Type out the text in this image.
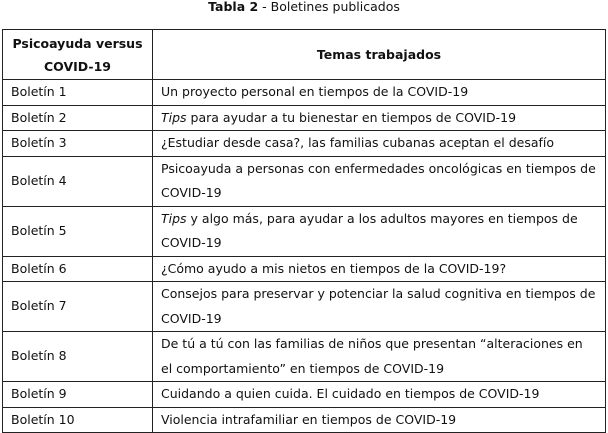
Tabla 2 - Boletines publicados
Psicoayuda versus COVID-19	Temas trabajados
Boletín 1	Un proyecto personal en tiempos de la COVID-19
Boletín 2	Tips para ayudar a tu bienestar en tiempos de COVID-19
Boletín 3	¿Estudiar desde casa?, las familias cubanas aceptan el desafío
Boletín 4	Psicoayuda a personas con enfermedades oncológicas en tiempos de COVID-19
Boletín 5	Tips y algo más, para ayudar a los adultos mayores en tiempos de COVID-19
Boletín 6	¿Cómo ayudo a mis nietos en tiempos de la COVID-19?
Boletín 7	Consejos para preservar y potenciar la salud cognitiva en tiempos de COVID-19
Boletín 8	De tú a tú con las familias de niños que presentan “alteraciones en el comportamiento” en tiempos de COVID-19
Boletín 9	Cuidando a quien cuida. El cuidado en tiempos de COVID-19
Boletín 10	Violencia intrafamiliar en tiempos de COVID-19
